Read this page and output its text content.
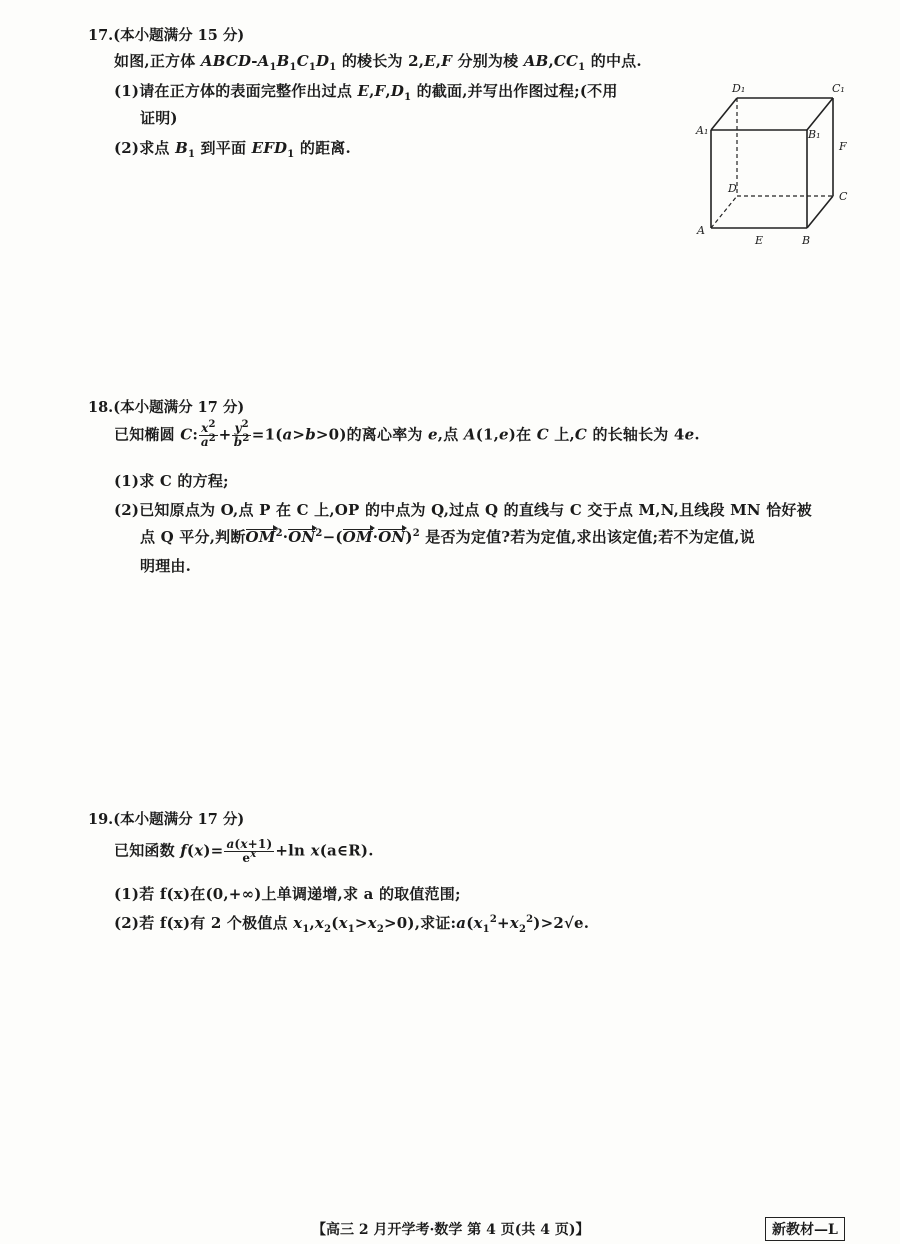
17.(本小题满分 15 分)
如图,正方体 ABCD-$A_1B_1C_1D_1$ 的棱长为 2,E,F 分别为棱 $AB,CC_1$ 的中点.
(1)请在正方体的表面完整作出过点 $E,F,D_1$ 的截面,并写出作图过程;(不用
证明)
(2)求点 $B_1$ 到平面 $EFD_1$ 的距离.
D₁	C₁
A₁	B₁
F
D
C
A
E	B
18.(本小题满分 17 分)
已知椭圆 C: $\frac{x^2}{a^2} + \frac{y^2}{b^2} =1(a>b>0)$的离心率为 e,点 A(1,e)在 C 上,C 的长轴长为 4e.
(1)求 C 的方程;
(2)已知原点为 O,点 P 在 C 上,OP 的中点为 Q,过点 Q 的直线与 C 交于点 M,N,且线段 MN 恰好被
点 Q 平分,判断$OM^2\cdot ON^2-(OM\cdot ON)^2$ 是否为定值?若为定值,求出该定值;若不为定值,说
明理由.
19.(本小题满分 17 分)
已知函数 $f(x)= \frac{a(x+1)}{e^x} +\ln$ x(a∈R).
(1)若 f(x)在(0,+∞)上单调递增,求 a 的取值范围;
(2)若 f(x)有 2 个极值点 $x_1,x_2(x_1>x_2>0)$,求证$:a(x_1^2+x_2^2)>2√e$.
【高三 2 月开学考·数学 第 4 页(共 4 页)】	新教材—L
